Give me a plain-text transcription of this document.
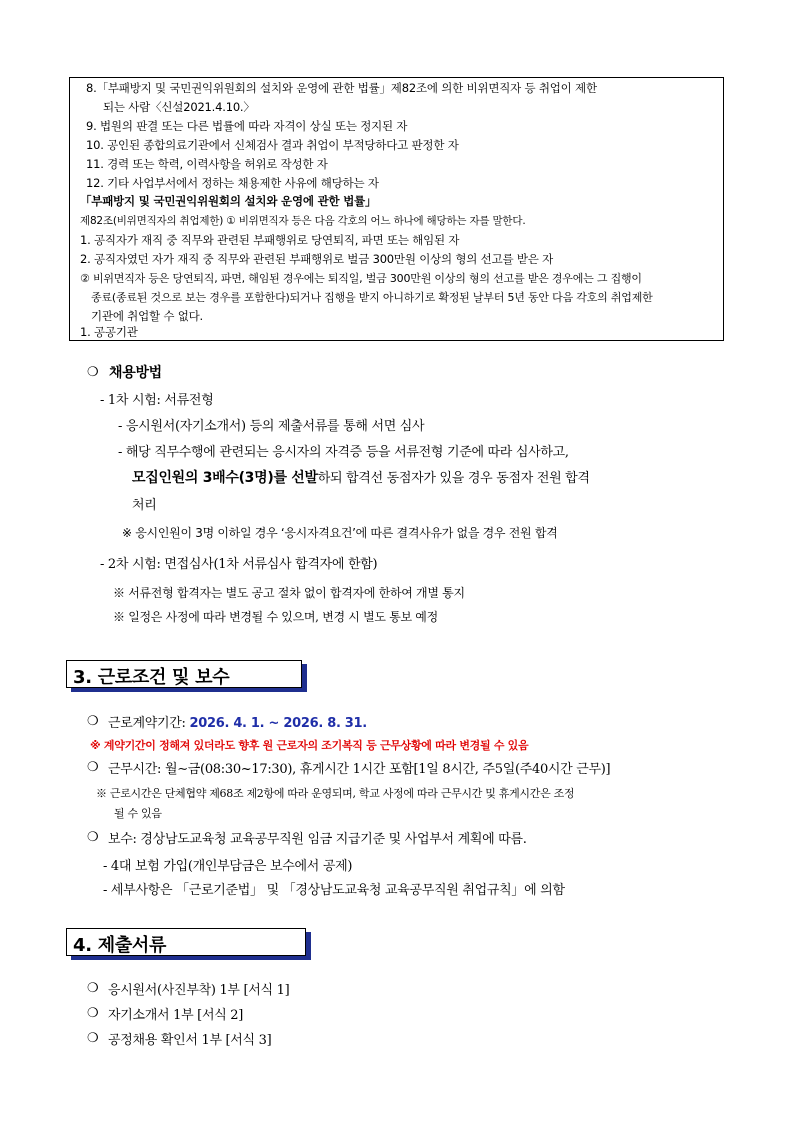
8.「부패방지 및 국민권익위원회의 설치와 운영에 관한 법률」제82조에 의한 비위면직자 등 취업이 제한
되는 사람〈신설2021.4.10.〉
9. 법원의 판결 또는 다른 법률에 따라 자격이 상실 또는 정지된 자
10. 공인된 종합의료기관에서 신체검사 결과 취업이 부적당하다고 판정한 자
11. 경력 또는 학력, 이력사항을 허위로 작성한 자
12. 기타 사업부서에서 정하는 채용제한 사유에 해당하는 자
「부패방지 및 국민권익위원회의 설치와 운영에 관한 법률」
제82조(비위면직자의 취업제한) ① 비위면직자 등은 다음 각호의 어느 하나에 해당하는 자를 말한다.
1. 공직자가 재직 중 직무와 관련된 부패행위로 당연퇴직, 파면 또는 해임된 자
2. 공직자였던 자가 재직 중 직무와 관련된 부패행위로 벌금 300만원 이상의 형의 선고를 받은 자
② 비위면직자 등은 당연퇴직, 파면, 해임된 경우에는 퇴직일, 벌금 300만원 이상의 형의 선고를 받은 경우에는 그 집행이
종료(종료된 것으로 보는 경우를 포함한다)되거나 집행을 받지 아니하기로 확정된 날부터 5년 동안 다음 각호의 취업제한
기관에 취업할 수 없다.
1. 공공기관
❍ 채용방법
- 1차 시험: 서류전형
- 응시원서(자기소개서) 등의 제출서류를 통해 서면 심사
- 해당 직무수행에 관련되는 응시자의 자격증 등을 서류전형 기준에 따라 심사하고,
모집인원의 3배수(3명)를 선발하되 합격선 동점자가 있을 경우 동점자 전원 합격
처리
※ 응시인원이 3명 이하일 경우 ‘응시자격요건’에 따른 결격사유가 없을 경우 전원 합격
- 2차 시험: 면접심사(1차 서류심사 합격자에 한함)
※ 서류전형 합격자는 별도 공고 절차 없이 합격자에 한하여 개별 통지
※ 일정은 사정에 따라 변경될 수 있으며, 변경 시 별도 통보 예정
3. 근로조건 및 보수
❍ 근로계약기간: 2026. 4. 1. ~ 2026. 8. 31.
※ 계약기간이 정해져 있더라도 향후 원 근로자의 조기복직 등 근무상황에 따라 변경될 수 있음
❍ 근무시간: 월∼금(08:30~17:30), 휴게시간 1시간 포함[1일 8시간, 주5일(주40시간 근무)]
※ 근로시간은 단체협약 제68조 제2항에 따라 운영되며, 학교 사정에 따라 근무시간 및 휴게시간은 조정
될 수 있음
❍ 보수: 경상남도교육청 교육공무직원 임금 지급기준 및 사업부서 계획에 따름.
- 4대 보험 가입(개인부담금은 보수에서 공제)
- 세부사항은 「근로기준법」 및 「경상남도교육청 교육공무직원 취업규칙」에 의함
4. 제출서류
❍ 응시원서(사진부착) 1부 [서식 1]
❍ 자기소개서 1부 [서식 2]
❍ 공정채용 확인서 1부 [서식 3]
